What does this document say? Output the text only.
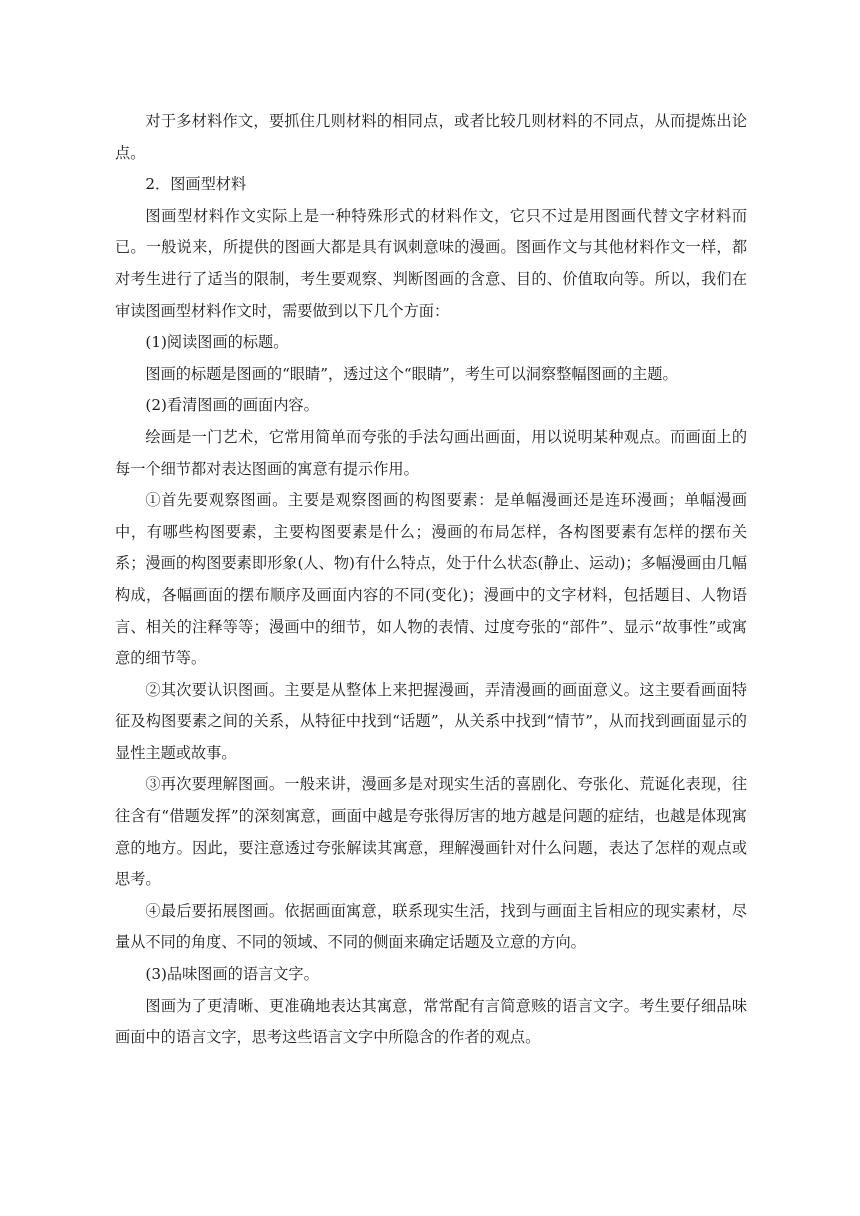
对于多材料作文，要抓住几则材料的相同点，或者比较几则材料的不同点，从而提炼出论点。

2．图画型材料

图画型材料作文实际上是一种特殊形式的材料作文，它只不过是用图画代替文字材料而已。一般说来，所提供的图画大都是具有讽刺意味的漫画。图画作文与其他材料作文一样，都对考生进行了适当的限制，考生要观察、判断图画的含意、目的、价值取向等。所以，我们在审读图画型材料作文时，需要做到以下几个方面：

(1)阅读图画的标题。

图画的标题是图画的“眼睛”，透过这个“眼睛”，考生可以洞察整幅图画的主题。

(2)看清图画的画面内容。

绘画是一门艺术，它常用简单而夸张的手法勾画出画面，用以说明某种观点。而画面上的每一个细节都对表达图画的寓意有提示作用。

①首先要观察图画。主要是观察图画的构图要素：是单幅漫画还是连环漫画；单幅漫画中，有哪些构图要素，主要构图要素是什么；漫画的布局怎样，各构图要素有怎样的摆布关系；漫画的构图要素即形象(人、物)有什么特点，处于什么状态(静止、运动)；多幅漫画由几幅构成，各幅画面的摆布顺序及画面内容的不同(变化)；漫画中的文字材料，包括题目、人物语言、相关的注释等等；漫画中的细节，如人物的表情、过度夸张的“部件”、显示“故事性”或寓意的细节等。

②其次要认识图画。主要是从整体上来把握漫画，弄清漫画的画面意义。这主要看画面特征及构图要素之间的关系，从特征中找到“话题”，从关系中找到“情节”，从而找到画面显示的显性主题或故事。

③再次要理解图画。一般来讲，漫画多是对现实生活的喜剧化、夸张化、荒诞化表现，往往含有“借题发挥”的深刻寓意，画面中越是夸张得厉害的地方越是问题的症结，也越是体现寓意的地方。因此，要注意透过夸张解读其寓意，理解漫画针对什么问题，表达了怎样的观点或思考。

④最后要拓展图画。依据画面寓意，联系现实生活，找到与画面主旨相应的现实素材，尽量从不同的角度、不同的领域、不同的侧面来确定话题及立意的方向。

(3)品味图画的语言文字。

图画为了更清晰、更准确地表达其寓意，常常配有言简意赅的语言文字。考生要仔细品味画面中的语言文字，思考这些语言文字中所隐含的作者的观点。
